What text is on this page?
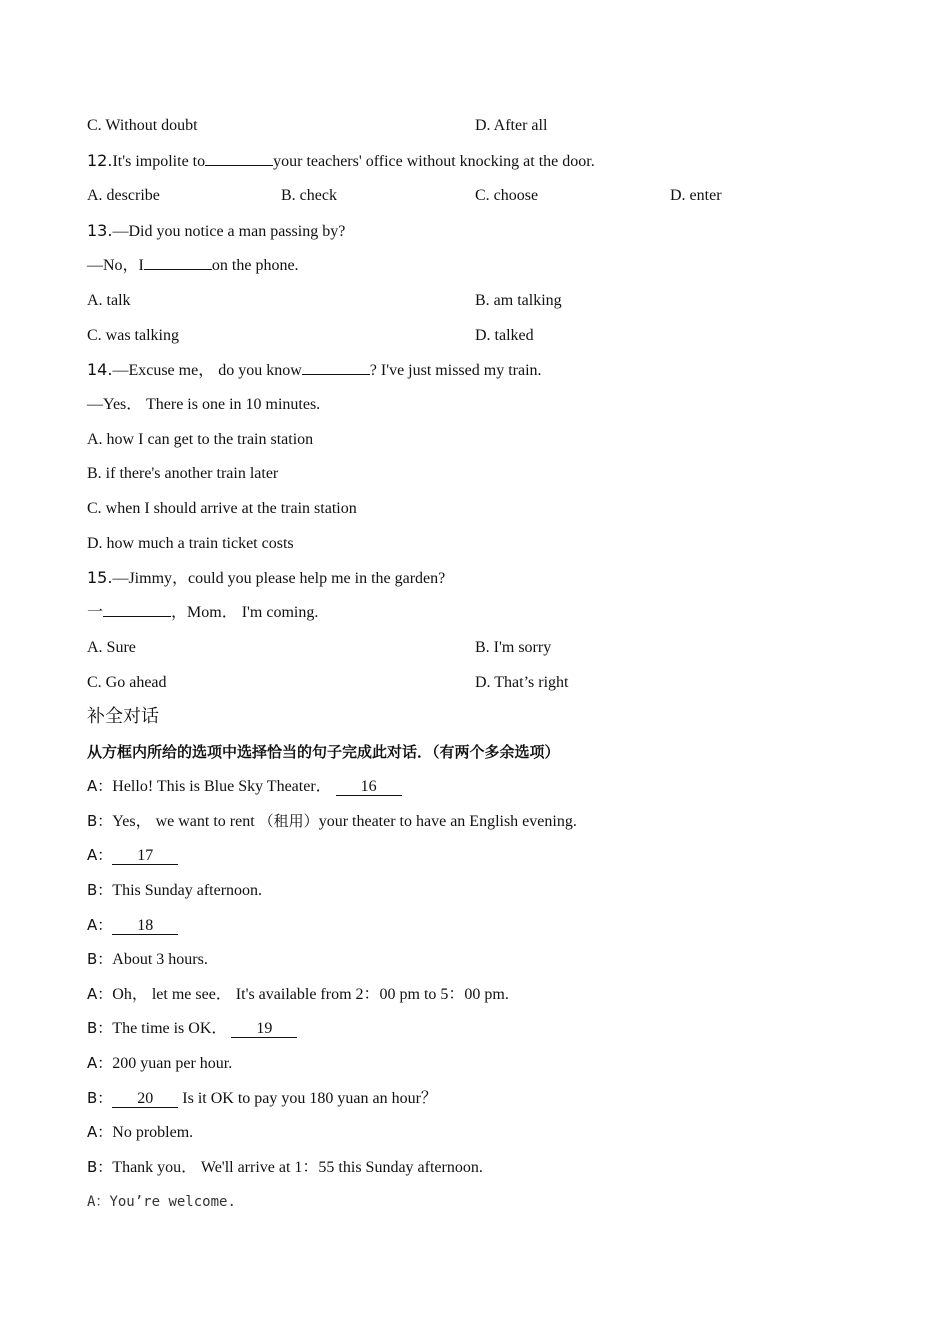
C. Without doubt	D. After all
12.It's impolite to	your teachers' office without knocking at the door.
A. describe	B. check	C. choose	D. enter
13.—Did you notice a man passing by?
—No，I	on the phone.
A. talk	B. am talking
C. was talking	D. talked
14.—Excuse me， do you know	? I've just missed my train.
—Yes． There is one in 10 minutes.
A. how I can get to the train station
B. if there's another train later
C. when I should arrive at the train station
D. how much a train ticket costs
15.—Jimmy，could you please help me in the garden?
一	，Mom． I'm coming.
A. Sure	B. I'm sorry
C. Go ahead	D. That’s right
补全对话
从方框内所给的选项中选择恰当的句子完成此对话．（有两个多余选项）
A：Hello! This is Blue Sky Theater． 16
B：Yes， we want to rent （租用）your theater to have an English evening.
A： 17
B：This Sunday afternoon.
A： 18
B：About 3 hours.
A：Oh， let me see． It's available from 2：00 pm to 5：00 pm.
B：The time is OK． 19
A：200 yuan per hour.
B： 20 Is it OK to pay you 180 yuan an hour？
A：No problem.
B：Thank you． We'll arrive at 1：55 this Sunday afternoon.
A：You’re welcome.
